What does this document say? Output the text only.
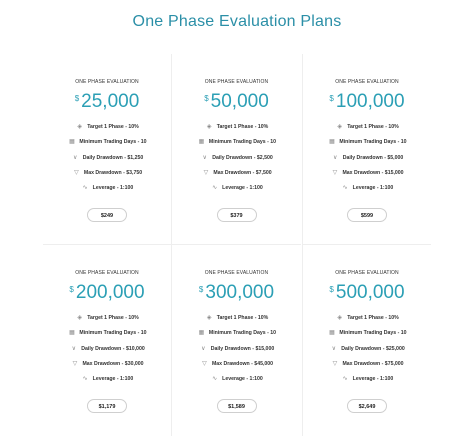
One Phase Evaluation Plans
ONE PHASE EVALUATION
$ 25,000
◈ Target 1 Phase - 10%
▦ Minimum Trading Days - 10
∨ Daily Drawdown - $1,250
▽ Max Drawdown - $3,750
∿ Leverage - 1:100
$249
ONE PHASE EVALUATION
$ 50,000
◈ Target 1 Phase - 10%
▦ Minimum Trading Days - 10
∨ Daily Drawdown - $2,500
▽ Max Drawdown - $7,500
∿ Leverage - 1:100
$379
ONE PHASE EVALUATION
$ 100,000
◈ Target 1 Phase - 10%
▦ Minimum Trading Days - 10
∨ Daily Drawdown - $5,000
▽ Max Drawdown - $15,000
∿ Leverage - 1:100
$599
ONE PHASE EVALUATION
$ 200,000
◈ Target 1 Phase - 10%
▦ Minimum Trading Days - 10
∨ Daily Drawdown - $10,000
▽ Max Drawdown - $30,000
∿ Leverage - 1:100
$1,179
ONE PHASE EVALUATION
$ 300,000
◈ Target 1 Phase - 10%
▦ Minimum Trading Days - 10
∨ Daily Drawdown - $15,000
▽ Max Drawdown - $45,000
∿ Leverage - 1:100
$1,589
ONE PHASE EVALUATION
$ 500,000
◈ Target 1 Phase - 10%
▦ Minimum Trading Days - 10
∨ Daily Drawdown - $25,000
▽ Max Drawdown - $75,000
∿ Leverage - 1:100
$2,649
